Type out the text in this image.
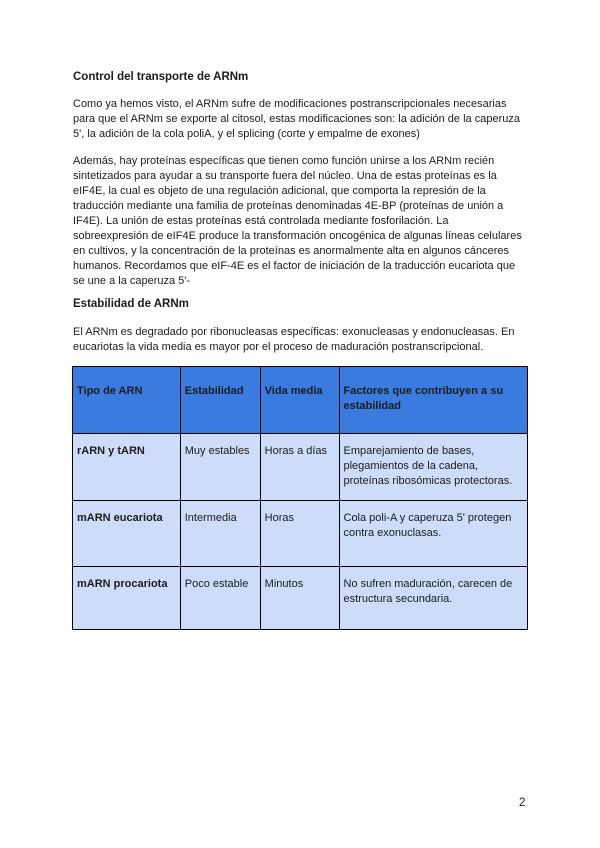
Control del transporte de ARNm
Como ya hemos visto, el ARNm sufre de modificaciones postranscripcionales necesarias
para que el ARNm se exporte al citosol, estas modificaciones son: la adición de la caperuza
5', la adición de la cola poliA, y el splicing (corte y empalme de exones)
Además, hay proteínas específicas que tienen como función unirse a los ARNm recién
sintetizados para ayudar a su transporte fuera del núcleo. Una de estas proteínas es la
eIF4E, la cual es objeto de una regulación adicional, que comporta la represión de la
traducción mediante una familia de proteínas denominadas 4E-BP (proteínas de unión a
IF4E). La unión de estas proteínas está controlada mediante fosforilación. La
sobreexpresión de eIF4E produce la transformación oncogénica de algunas líneas celulares
en cultivos, y la concentración de la proteínas es anormalmente alta en algunos cánceres
humanos. Recordamos que eIF-4E es el factor de iniciación de la traducción eucariota que
se une a la caperuza 5'-
Estabilidad de ARNm
El ARNm es degradado por ribonucleasas específicas: exonucleasas y endonucleasas. En
eucariotas la vida media es mayor por el proceso de maduración postranscripcional.
Tipo de ARN	Estabilidad	Vida media	Factores que contribuyen a su estabilidad
rARN y tARN	Muy estables	Horas a días	Emparejamiento de bases, plegamientos de la cadena, proteínas ribosómicas protectoras.
mARN eucariota	Intermedia	Horas	Cola poli-A y caperuza 5' protegen contra exonuclasas.
mARN procariota	Poco estable	Minutos	No sufren maduración, carecen de estructura secundaria.
2
